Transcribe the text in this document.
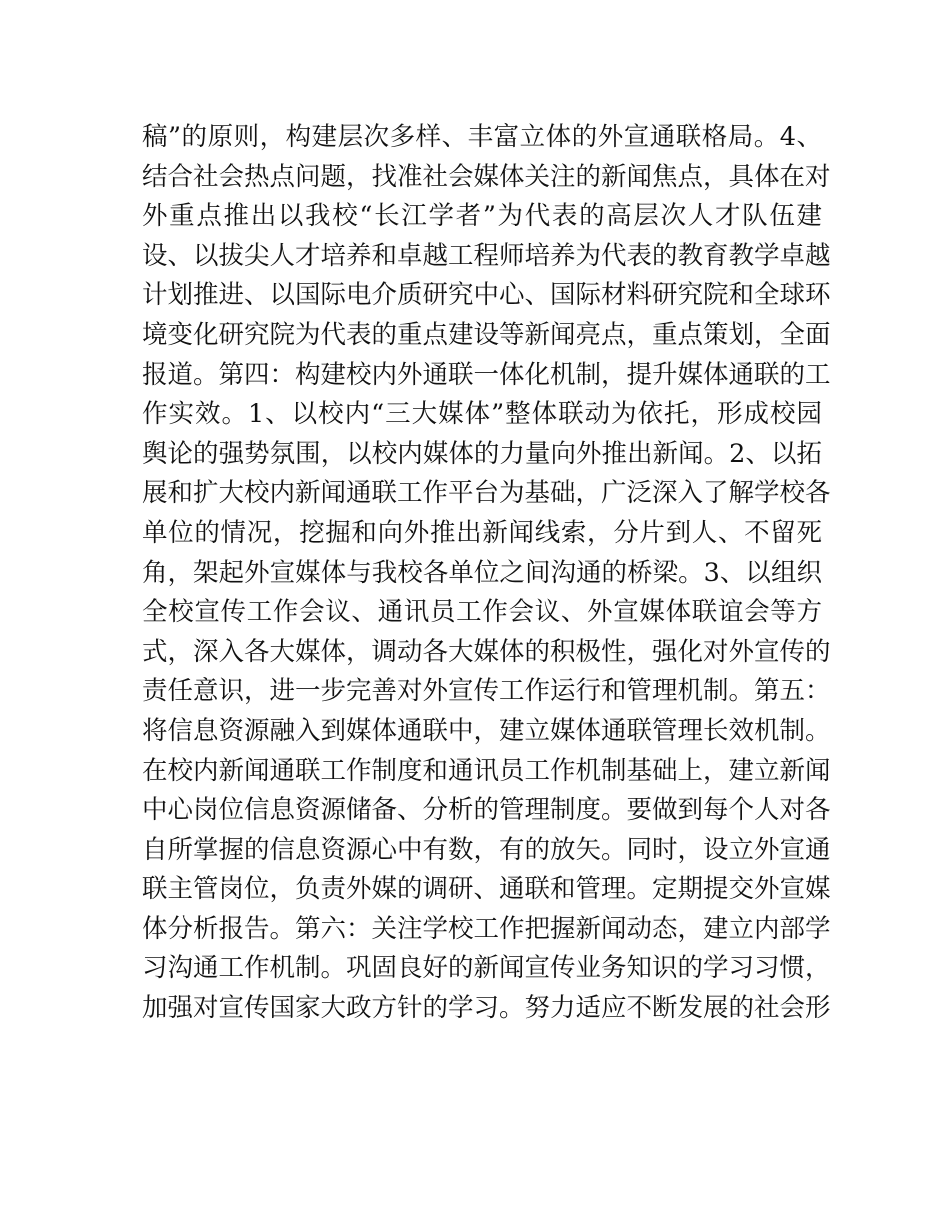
稿”的原则，构建层次多样、丰富立体的外宣通联格局。4、
结合社会热点问题，找准社会媒体关注的新闻焦点，具体在对
外重点推出以我校“长江学者”为代表的高层次人才队伍建
设、以拔尖人才培养和卓越工程师培养为代表的教育教学卓越
计划推进、以国际电介质研究中心、国际材料研究院和全球环
境变化研究院为代表的重点建设等新闻亮点，重点策划，全面
报道。第四：构建校内外通联一体化机制，提升媒体通联的工
作实效。1、以校内“三大媒体”整体联动为依托，形成校园
舆论的强势氛围，以校内媒体的力量向外推出新闻。2、以拓
展和扩大校内新闻通联工作平台为基础，广泛深入了解学校各
单位的情况，挖掘和向外推出新闻线索，分片到人、不留死
角，架起外宣媒体与我校各单位之间沟通的桥梁。3、以组织
全校宣传工作会议、通讯员工作会议、外宣媒体联谊会等方
式，深入各大媒体，调动各大媒体的积极性，强化对外宣传的
责任意识，进一步完善对外宣传工作运行和管理机制。第五：
将信息资源融入到媒体通联中，建立媒体通联管理长效机制。
在校内新闻通联工作制度和通讯员工作机制基础上，建立新闻
中心岗位信息资源储备、分析的管理制度。要做到每个人对各
自所掌握的信息资源心中有数，有的放矢。同时，设立外宣通
联主管岗位，负责外媒的调研、通联和管理。定期提交外宣媒
体分析报告。第六：关注学校工作把握新闻动态，建立内部学
习沟通工作机制。巩固良好的新闻宣传业务知识的学习习惯，
加强对宣传国家大政方针的学习。努力适应不断发展的社会形
